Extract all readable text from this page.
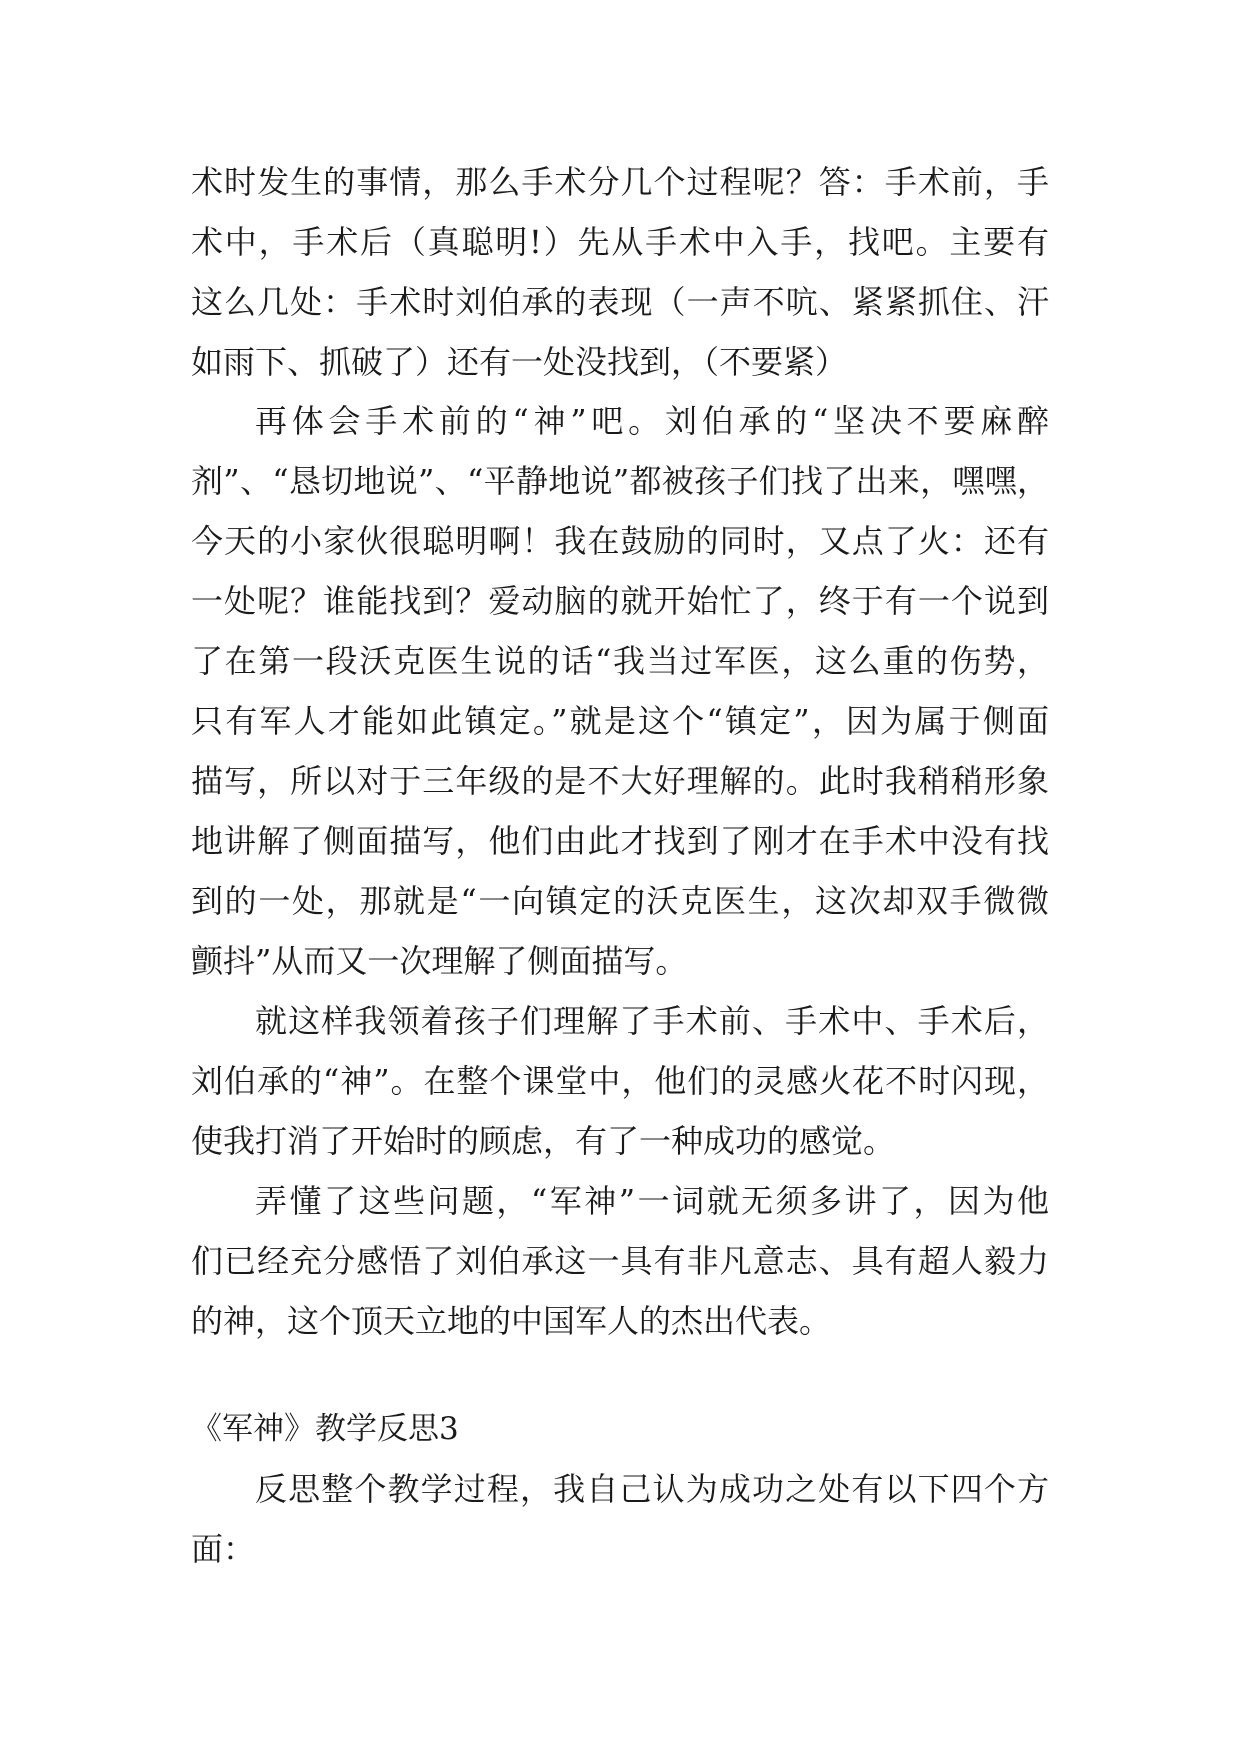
术时发生的事情，那么手术分几个过程呢？答：手术前，手
术中，手术后（真聪明!）先从手术中入手，找吧。主要有
这么几处：手术时刘伯承的表现（一声不吭、紧紧抓住、汗
如雨下、抓破了）还有一处没找到，（不要紧）
再体会手术前的“神”吧。刘伯承的“坚决不要麻醉
剂”、“恳切地说”、“平静地说”都被孩子们找了出来，嘿嘿，
今天的小家伙很聪明啊！我在鼓励的同时，又点了火：还有
一处呢？谁能找到？爱动脑的就开始忙了，终于有一个说到
了在第一段沃克医生说的话“我当过军医，这么重的伤势，
只有军人才能如此镇定。”就是这个“镇定”，因为属于侧面
描写，所以对于三年级的是不大好理解的。此时我稍稍形象
地讲解了侧面描写，他们由此才找到了刚才在手术中没有找
到的一处，那就是“一向镇定的沃克医生，这次却双手微微
颤抖”从而又一次理解了侧面描写。
就这样我领着孩子们理解了手术前、手术中、手术后，
刘伯承的“神”。在整个课堂中，他们的灵感火花不时闪现，
使我打消了开始时的顾虑，有了一种成功的感觉。
弄懂了这些问题，“军神”一词就无须多讲了，因为他
们已经充分感悟了刘伯承这一具有非凡意志、具有超人毅力
的神，这个顶天立地的中国军人的杰出代表。
《军神》教学反思3
反思整个教学过程，我自己认为成功之处有以下四个方
面：
